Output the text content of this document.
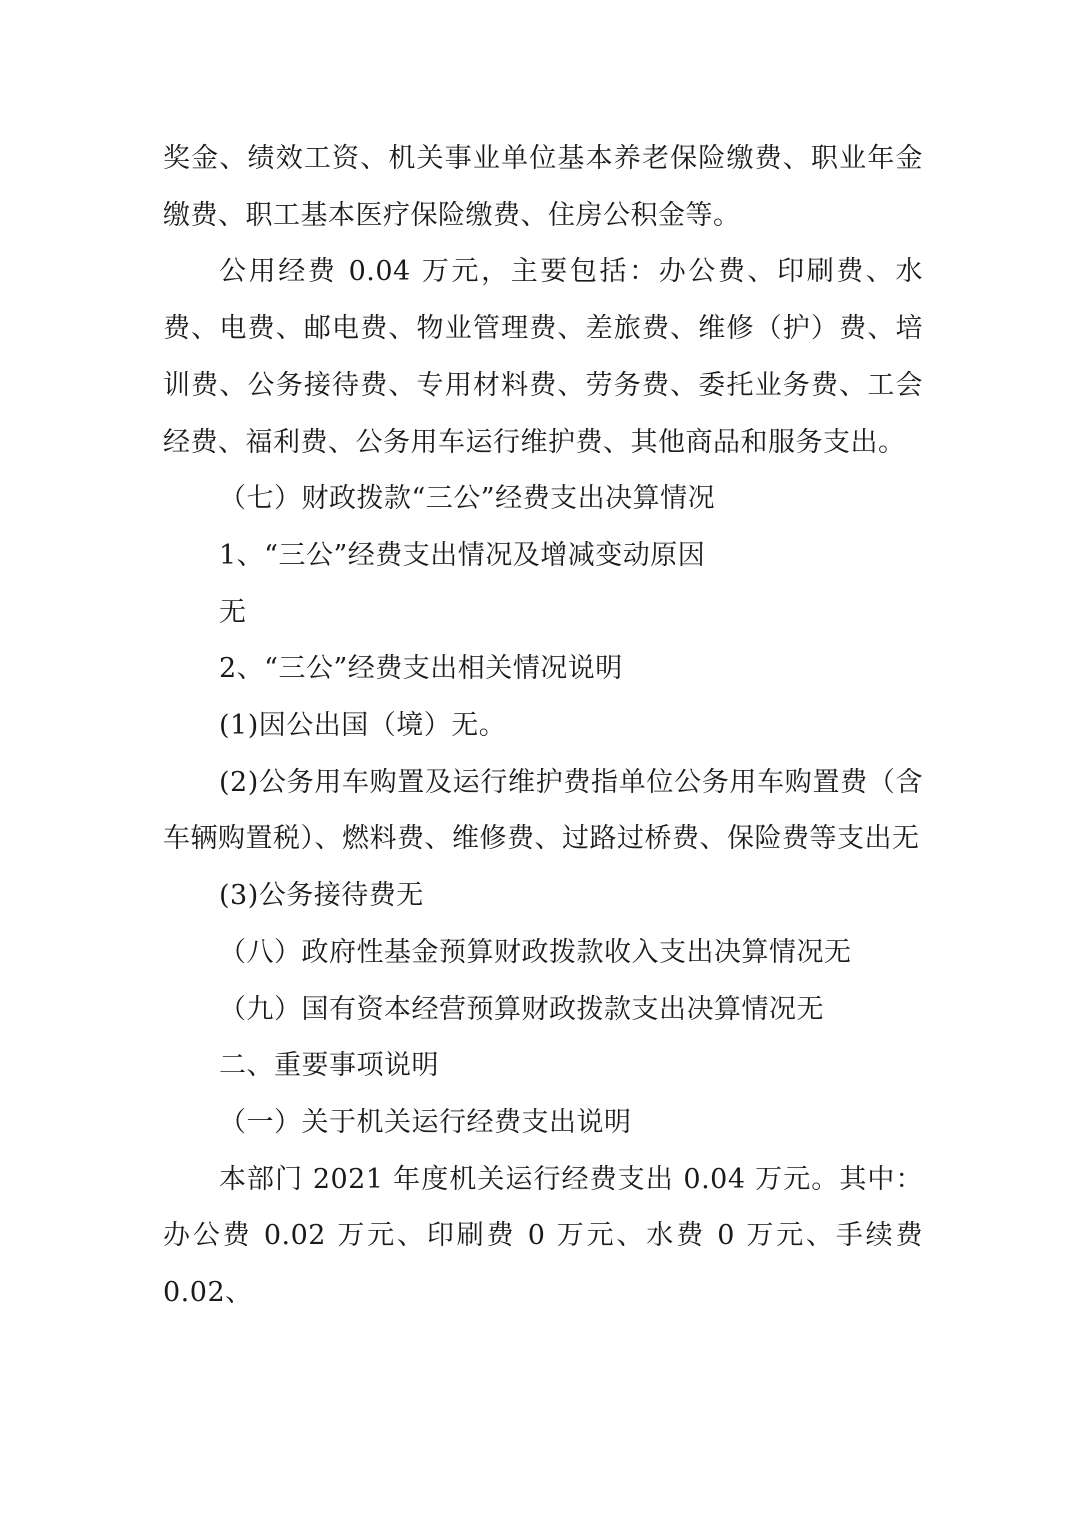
奖金、绩效工资、机关事业单位基本养老保险缴费、职业年金缴费、职工基本医疗保险缴费、住房公积金等。

公用经费 0.04 万元，主要包括：办公费、印刷费、水费、电费、邮电费、物业管理费、差旅费、维修（护）费、培训费、公务接待费、专用材料费、劳务费、委托业务费、工会经费、福利费、公务用车运行维护费、其他商品和服务支出。

（七）财政拨款“三公”经费支出决算情况

1、“三公”经费支出情况及增减变动原因

无

2、“三公”经费支出相关情况说明

(1)因公出国（境）无。

(2)公务用车购置及运行维护费指单位公务用车购置费（含车辆购置税）、燃料费、维修费、过路过桥费、保险费等支出无

(3)公务接待费无

（八）政府性基金预算财政拨款收入支出决算情况无

（九）国有资本经营预算财政拨款支出决算情况无

二、重要事项说明

（一）关于机关运行经费支出说明

本部门 2021 年度机关运行经费支出 0.04 万元。其中：办公费 0.02 万元、印刷费 0 万元、水费 0 万元、手续费 0.02、
